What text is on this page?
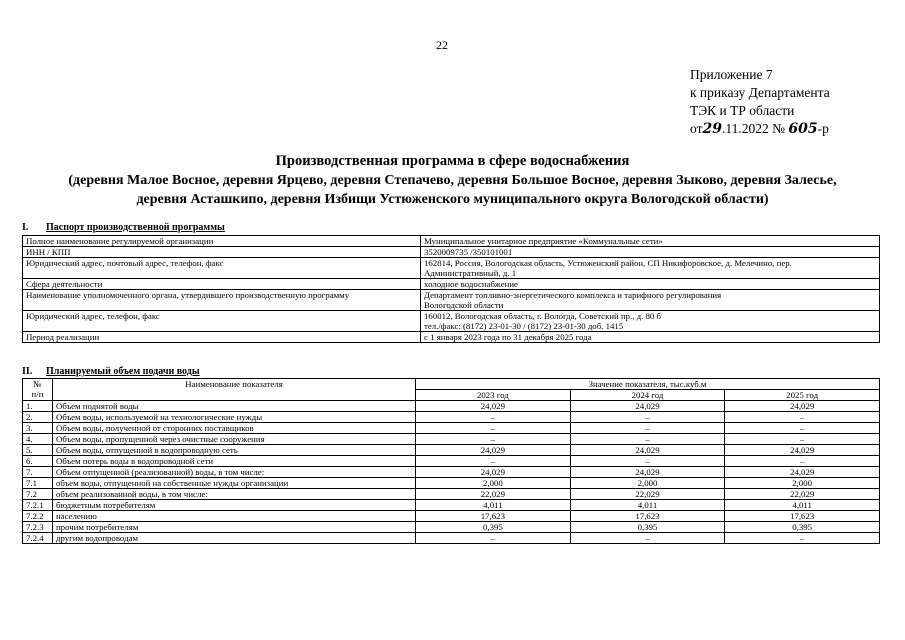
22
Приложение 7
к приказу Департамента
ТЭК и ТР области
от29.11.2022 № 605-р
Производственная программа в сфере водоснабжения
(деревня Малое Восное, деревня Ярцево, деревня Степачево, деревня Большое Восное, деревня Зыково, деревня Залесье,
деревня Асташкипо, деревня Избищи Устюженского муниципального округа Вологодской области)
I. Паспорт производственной программы
Полное наименование регулируемой организации	Муниципальное унитарное предприятие «Коммунальные сети»

ИНН / КПП	3520009735 /350101001

Юридический адрес, почтовый адрес, телефон, факс	162814, Россия, Вологодская область, Устюженский район, СП Никифоровское, д. Мелечино, пер.
Административный, д. 1

Сфера деятельности	холодное водоснабжение

Наименование уполномоченного органа, утвердившего производственную программу	Департамент топливно-энергетического комплекса и тарифного регулирования
Вологодской области

Юридический адрес, телефон, факс	160012, Вологодская область, г. Вологда, Советский пр., д. 80 б
тел./факс: (8172) 23-01-30 / (8172) 23-01-30 доб. 1415

Период реализации	с 1 января 2023 года по 31 декабря 2025 года
II. Планируемый объем подачи воды
№
п/п	Наименование показателя	Значение показателя, тыс.куб.м		
		2023 год	2024 год	2025 год
1.	Объем поднятой воды	24,029	24,029	24,029
2.	Объем воды, используемой на технологические нужды	–	–	–
3.	Объем воды, полученной от сторонних поставщиков	–	–	–
4.	Объем воды, пропущенной через очистные сооружения	–	–	–
5.	Объем воды, отпущенной в водопроводную сеть	24,029	24,029	24,029
6.	Объем потерь воды в водопроводной сети	–	–	–
7.	Объем отпущенной (реализованной) воды, в том числе:	24,029	24,029	24,029
7.1	объем воды, отпущенной на собственные нужды организации	2,000	2,000	2,000
7.2	объем реализованной воды, в том числе:	22,029	22,029	22,029
7.2.1	бюджетным потребителям	4,011	4,011	4,011
7.2.2	населению	17,623	17,623	17,623
7.2.3	прочим потребителям	0,395	0,395	0,395
7.2.4	другим водопроводам	–	–	–
